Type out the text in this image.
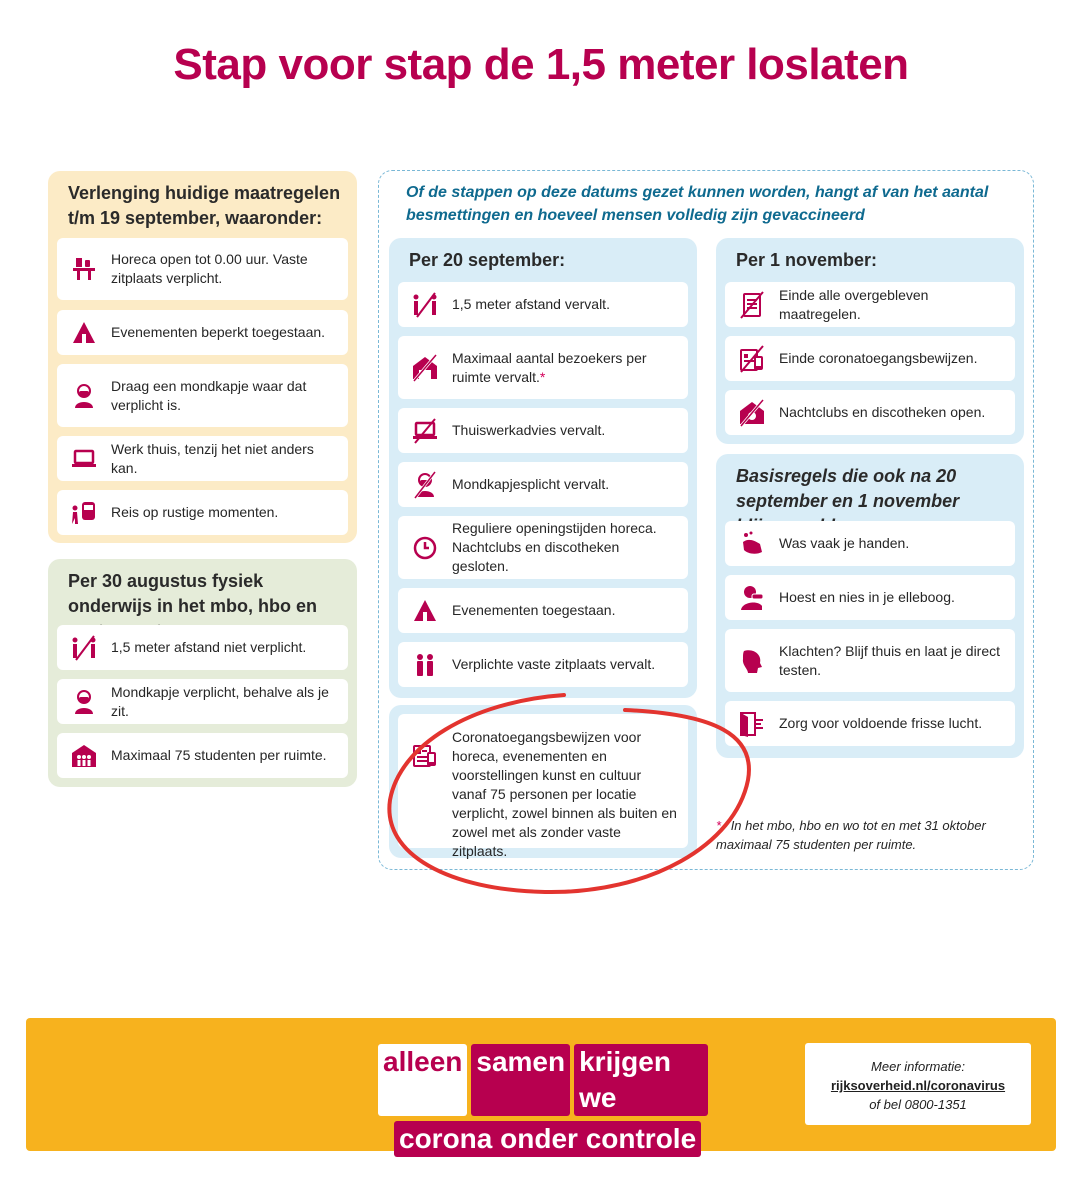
Stap voor stap de 1,5 meter loslaten
Verlenging huidige maatregelen t/m 19 september, waaronder:
Horeca open tot 0.00 uur. Vaste zitplaats verplicht.
Evenementen beperkt toegestaan.
Draag een mondkapje waar dat verplicht is.
Werk thuis, tenzij het niet anders kan.
Reis op rustige momenten.
Per 30 augustus fysiek onderwijs in het mbo, hbo en
1,5 meter afstand niet verplicht.
Mondkapje verplicht, behalve als je zit.
Maximaal 75 studenten per ruimte.
Of de stappen op deze datums gezet kunnen worden, hangt af van het aantal besmettingen en hoeveel mensen volledig zijn gevaccineerd
Per 20 september:
1,5 meter afstand vervalt.
Maximaal aantal bezoekers per ruimte vervalt.*
Thuiswerkadvies vervalt.
Mondkapjesplicht vervalt.
Reguliere openingstijden horeca. Nachtclubs en discotheken gesloten.
Evenementen toegestaan.
Verplichte vaste zitplaats vervalt.
Coronatoegangsbewijzen voor horeca, evenementen en voorstellingen kunst en cultuur vanaf 75 personen per locatie verplicht, zowel binnen als buiten en zowel met als zonder vaste zitplaats.
Per 1 november:
Einde alle overgebleven maatregelen.
Einde coronatoegangsbewijzen.
Nachtclubs en discotheken open.
Basisregels die ook na 20 september en 1 november
Was vaak je handen.
Hoest en nies in je elleboog.
Klachten? Blijf thuis en laat je direct testen.
Zorg voor voldoende frisse lucht.
* In het mbo, hbo en wo tot en met 31 oktober maximaal 75 studenten per ruimte.
alleen samen krijgen we
corona onder controle
Meer informatie:
rijksoverheid.nl/coronavirus
of bel 0800-1351
